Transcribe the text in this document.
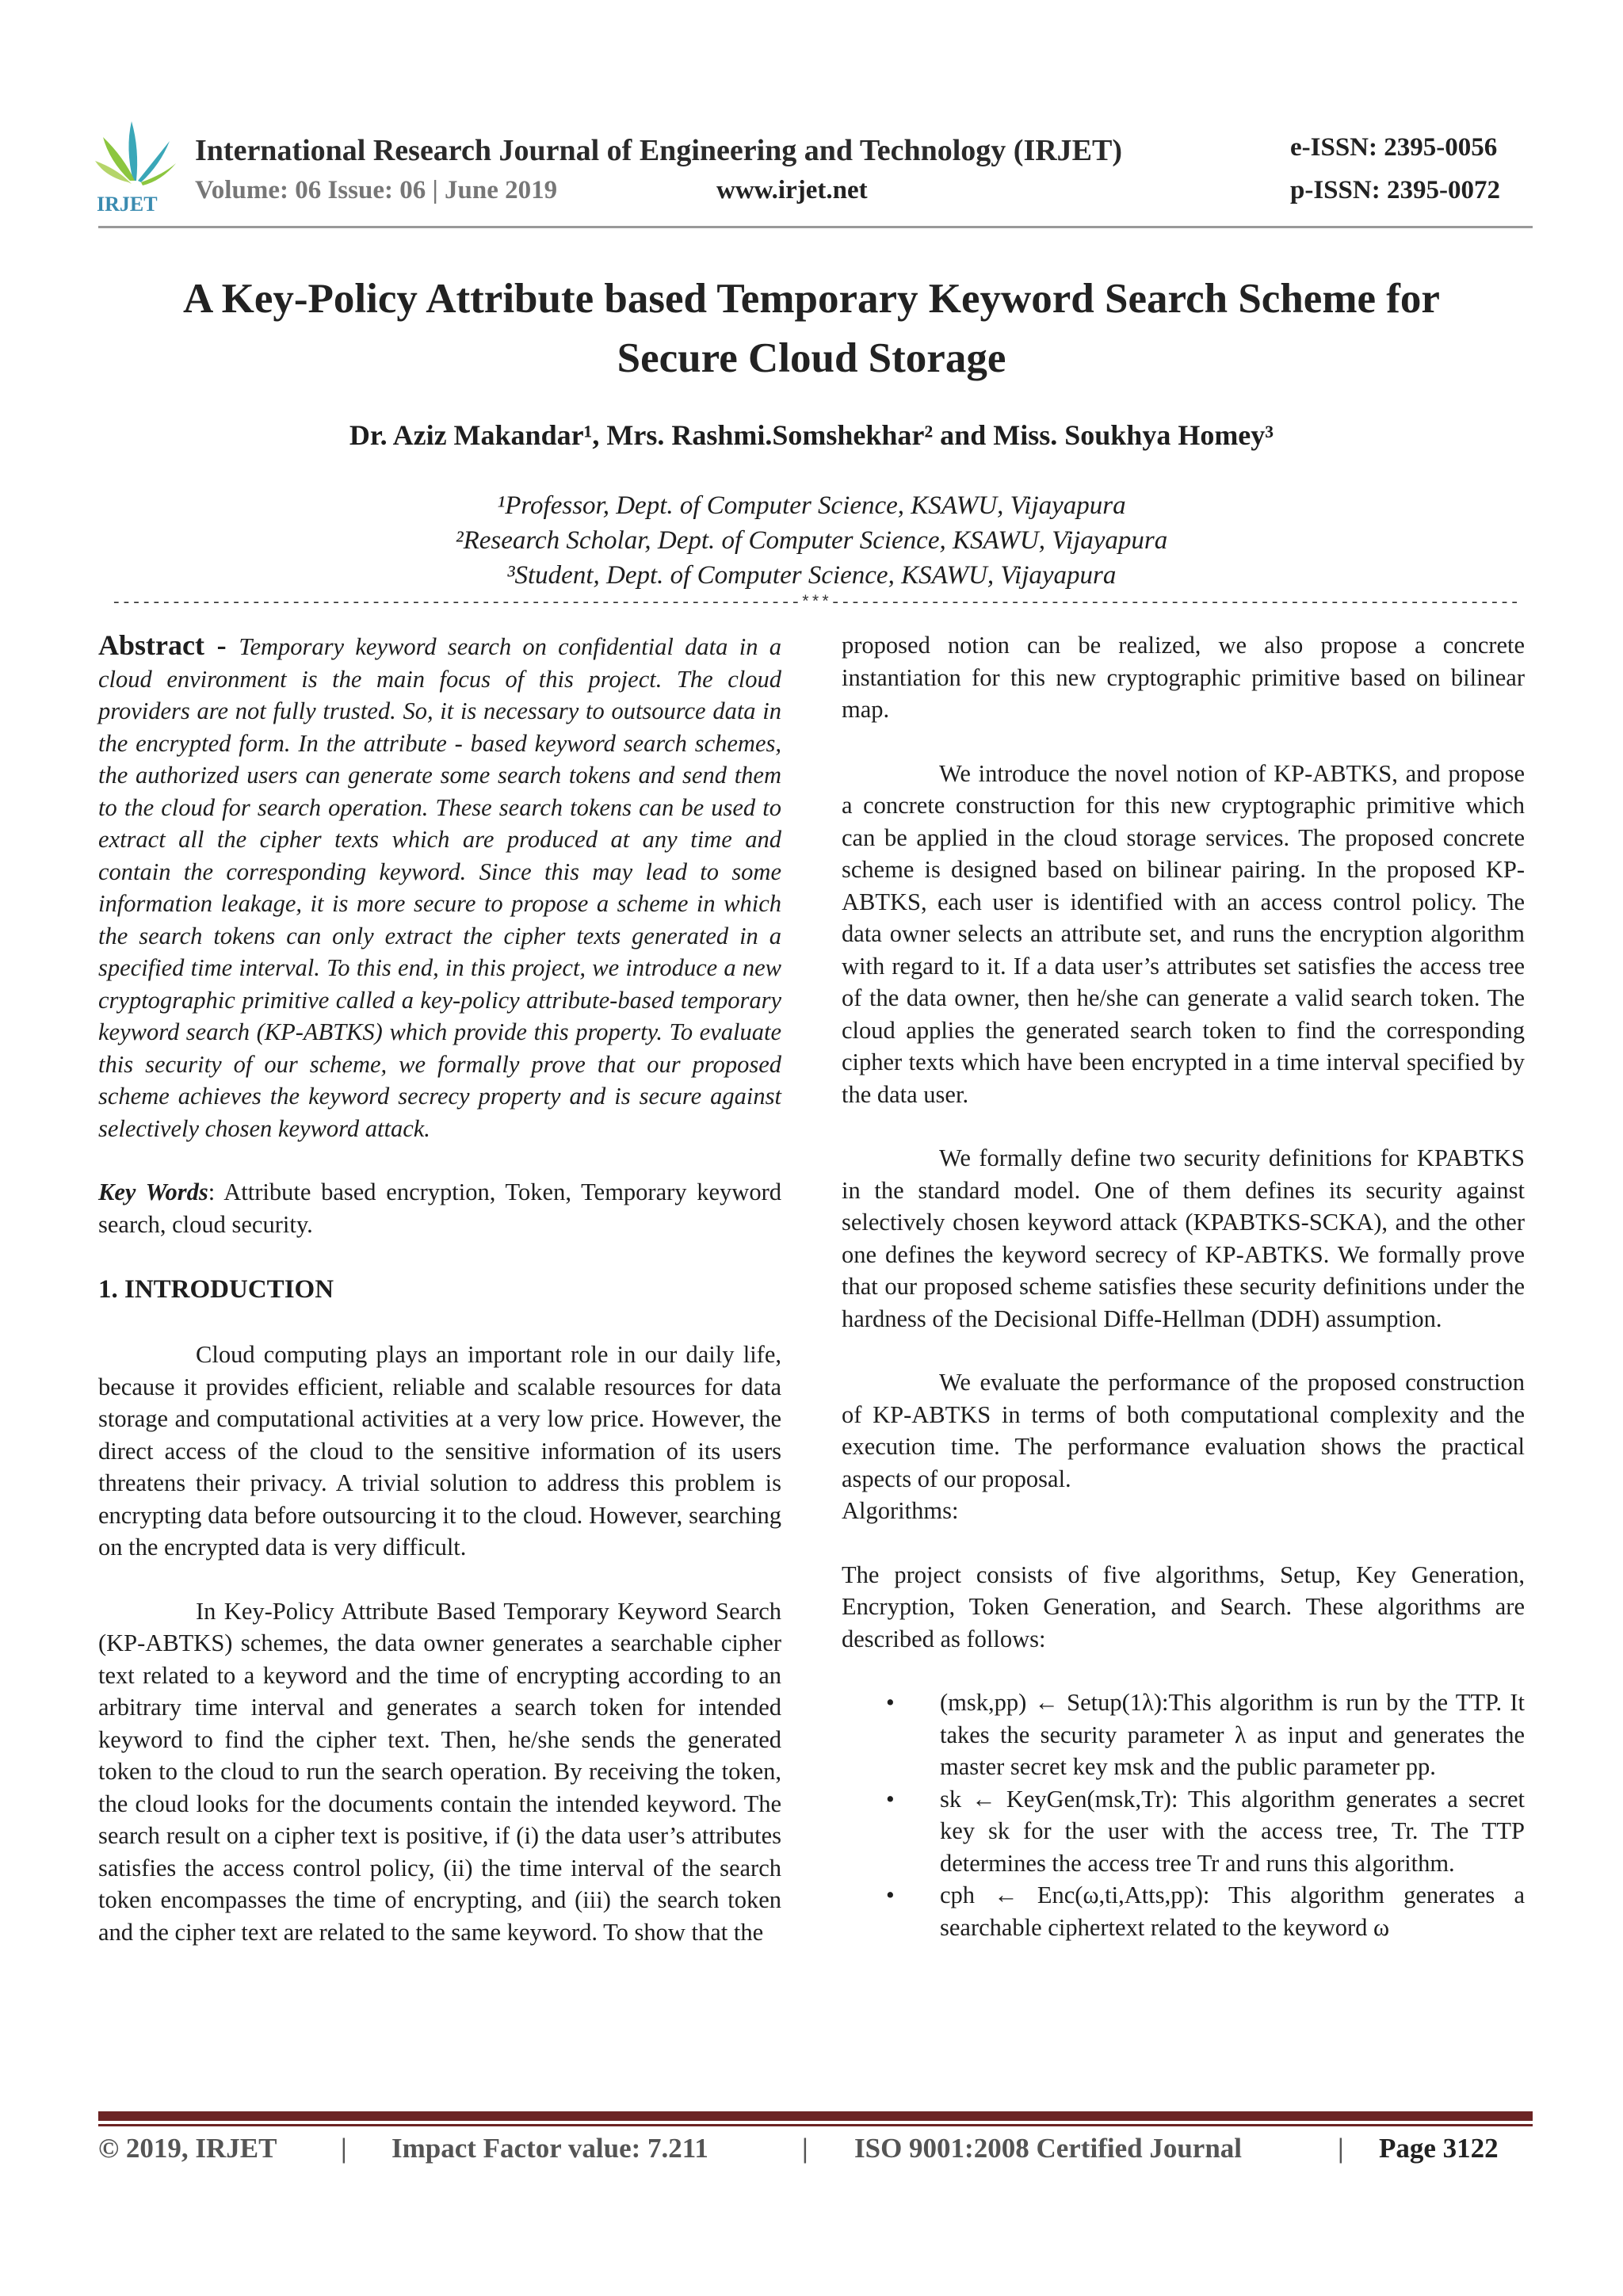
IRJET
International Research Journal of Engineering and Technology (IRJET)
Volume: 06 Issue: 06 | June 2019	www.irjet.net
e-ISSN: 2395-0056
p-ISSN: 2395-0072
A Key-Policy Attribute based Temporary Keyword Search Scheme for
Secure Cloud Storage
Dr. Aziz Makandar¹, Mrs. Rashmi.Somshekhar² and Miss. Soukhya Homey³
¹Professor, Dept. of Computer Science, KSAWU, Vijayapura
²Research Scholar, Dept. of Computer Science, KSAWU, Vijayapura
³Student, Dept. of Computer Science, KSAWU, Vijayapura
---------------------------------------------------------------------***---------------------------------------------------------------------
Abstract - Temporary keyword search on confidential data in a cloud environment is the main focus of this project. The cloud providers are not fully trusted. So, it is necessary to outsource data in the encrypted form. In the attribute - based keyword search schemes, the authorized users can generate some search tokens and send them to the cloud for search operation. These search tokens can be used to extract all the cipher texts which are produced at any time and contain the corresponding keyword. Since this may lead to some information leakage, it is more secure to propose a scheme in which the search tokens can only extract the cipher texts generated in a specified time interval. To this end, in this project, we introduce a new cryptographic primitive called a key-policy attribute-based temporary keyword search (KP-ABTKS) which provide this property. To evaluate this security of our scheme, we formally prove that our proposed scheme achieves the keyword secrecy property and is secure against selectively chosen keyword attack.
Key Words: Attribute based encryption, Token, Temporary keyword search, cloud security.
1. INTRODUCTION
Cloud computing plays an important role in our daily life, because it provides efficient, reliable and scalable resources for data storage and computational activities at a very low price. However, the direct access of the cloud to the sensitive information of its users threatens their privacy. A trivial solution to address this problem is encrypting data before outsourcing it to the cloud. However, searching on the encrypted data is very difficult.
In Key-Policy Attribute Based Temporary Keyword Search (KP-ABTKS) schemes, the data owner generates a searchable cipher text related to a keyword and the time of encrypting according to an arbitrary time interval and generates a search token for intended keyword to find the cipher text. Then, he/she sends the generated token to the cloud to run the search operation. By receiving the token, the cloud looks for the documents contain the intended keyword. The search result on a cipher text is positive, if (i) the data user’s attributes satisfies the access control policy, (ii) the time interval of the search token encompasses the time of encrypting, and (iii) the search token and the cipher text are related to the same keyword. To show that the
proposed notion can be realized, we also propose a concrete instantiation for this new cryptographic primitive based on bilinear map.
We introduce the novel notion of KP-ABTKS, and propose a concrete construction for this new cryptographic primitive which can be applied in the cloud storage services. The proposed concrete scheme is designed based on bilinear pairing. In the proposed KP-ABTKS, each user is identified with an access control policy. The data owner selects an attribute set, and runs the encryption algorithm with regard to it. If a data user’s attributes set satisfies the access tree of the data owner, then he/she can generate a valid search token. The cloud applies the generated search token to find the corresponding cipher texts which have been encrypted in a time interval specified by the data user.
We formally define two security definitions for KPABTKS in the standard model. One of them defines its security against selectively chosen keyword attack (KPABTKS-SCKA), and the other one defines the keyword secrecy of KP-ABTKS. We formally prove that our proposed scheme satisfies these security definitions under the hardness of the Decisional Diffe-Hellman (DDH) assumption.
We evaluate the performance of the proposed construction of KP-ABTKS in terms of both computational complexity and the execution time. The performance evaluation shows the practical aspects of our proposal.
Algorithms:
The project consists of five algorithms, Setup, Key Generation, Encryption, Token Generation, and Search. These algorithms are described as follows:
• (msk,pp) ← Setup(1λ):This algorithm is run by the TTP. It takes the security parameter λ as input and generates the master secret key msk and the public parameter pp.
• sk ← KeyGen(msk,Tr): This algorithm generates a secret key sk for the user with the access tree, Tr. The TTP determines the access tree Tr and runs this algorithm.
• cph ← Enc(ω,ti,Atts,pp): This algorithm generates a searchable ciphertext related to the keyword ω
© 2019, IRJET | Impact Factor value: 7.211	| ISO 9001:2008 Certified Journal	| Page 3122
